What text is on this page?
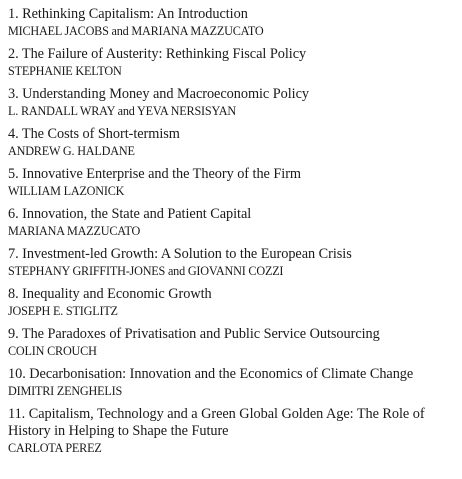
1. Rethinking Capitalism: An Introduction
MICHAEL JACOBS and MARIANA MAZZUCATO
2. The Failure of Austerity: Rethinking Fiscal Policy
STEPHANIE KELTON
3. Understanding Money and Macroeconomic Policy
L. RANDALL WRAY and YEVA NERSISYAN
4. The Costs of Short-termism
ANDREW G. HALDANE
5. Innovative Enterprise and the Theory of the Firm
WILLIAM LAZONICK
6. Innovation, the State and Patient Capital
MARIANA MAZZUCATO
7. Investment-led Growth: A Solution to the European Crisis
STEPHANY GRIFFITH-JONES and GIOVANNI COZZI
8. Inequality and Economic Growth
JOSEPH E. STIGLITZ
9. The Paradoxes of Privatisation and Public Service Outsourcing
COLIN CROUCH
10. Decarbonisation: Innovation and the Economics of Climate Change
DIMITRI ZENGHELIS
11. Capitalism, Technology and a Green Global Golden Age: The Role of History in Helping to Shape the Future
CARLOTA PEREZ
